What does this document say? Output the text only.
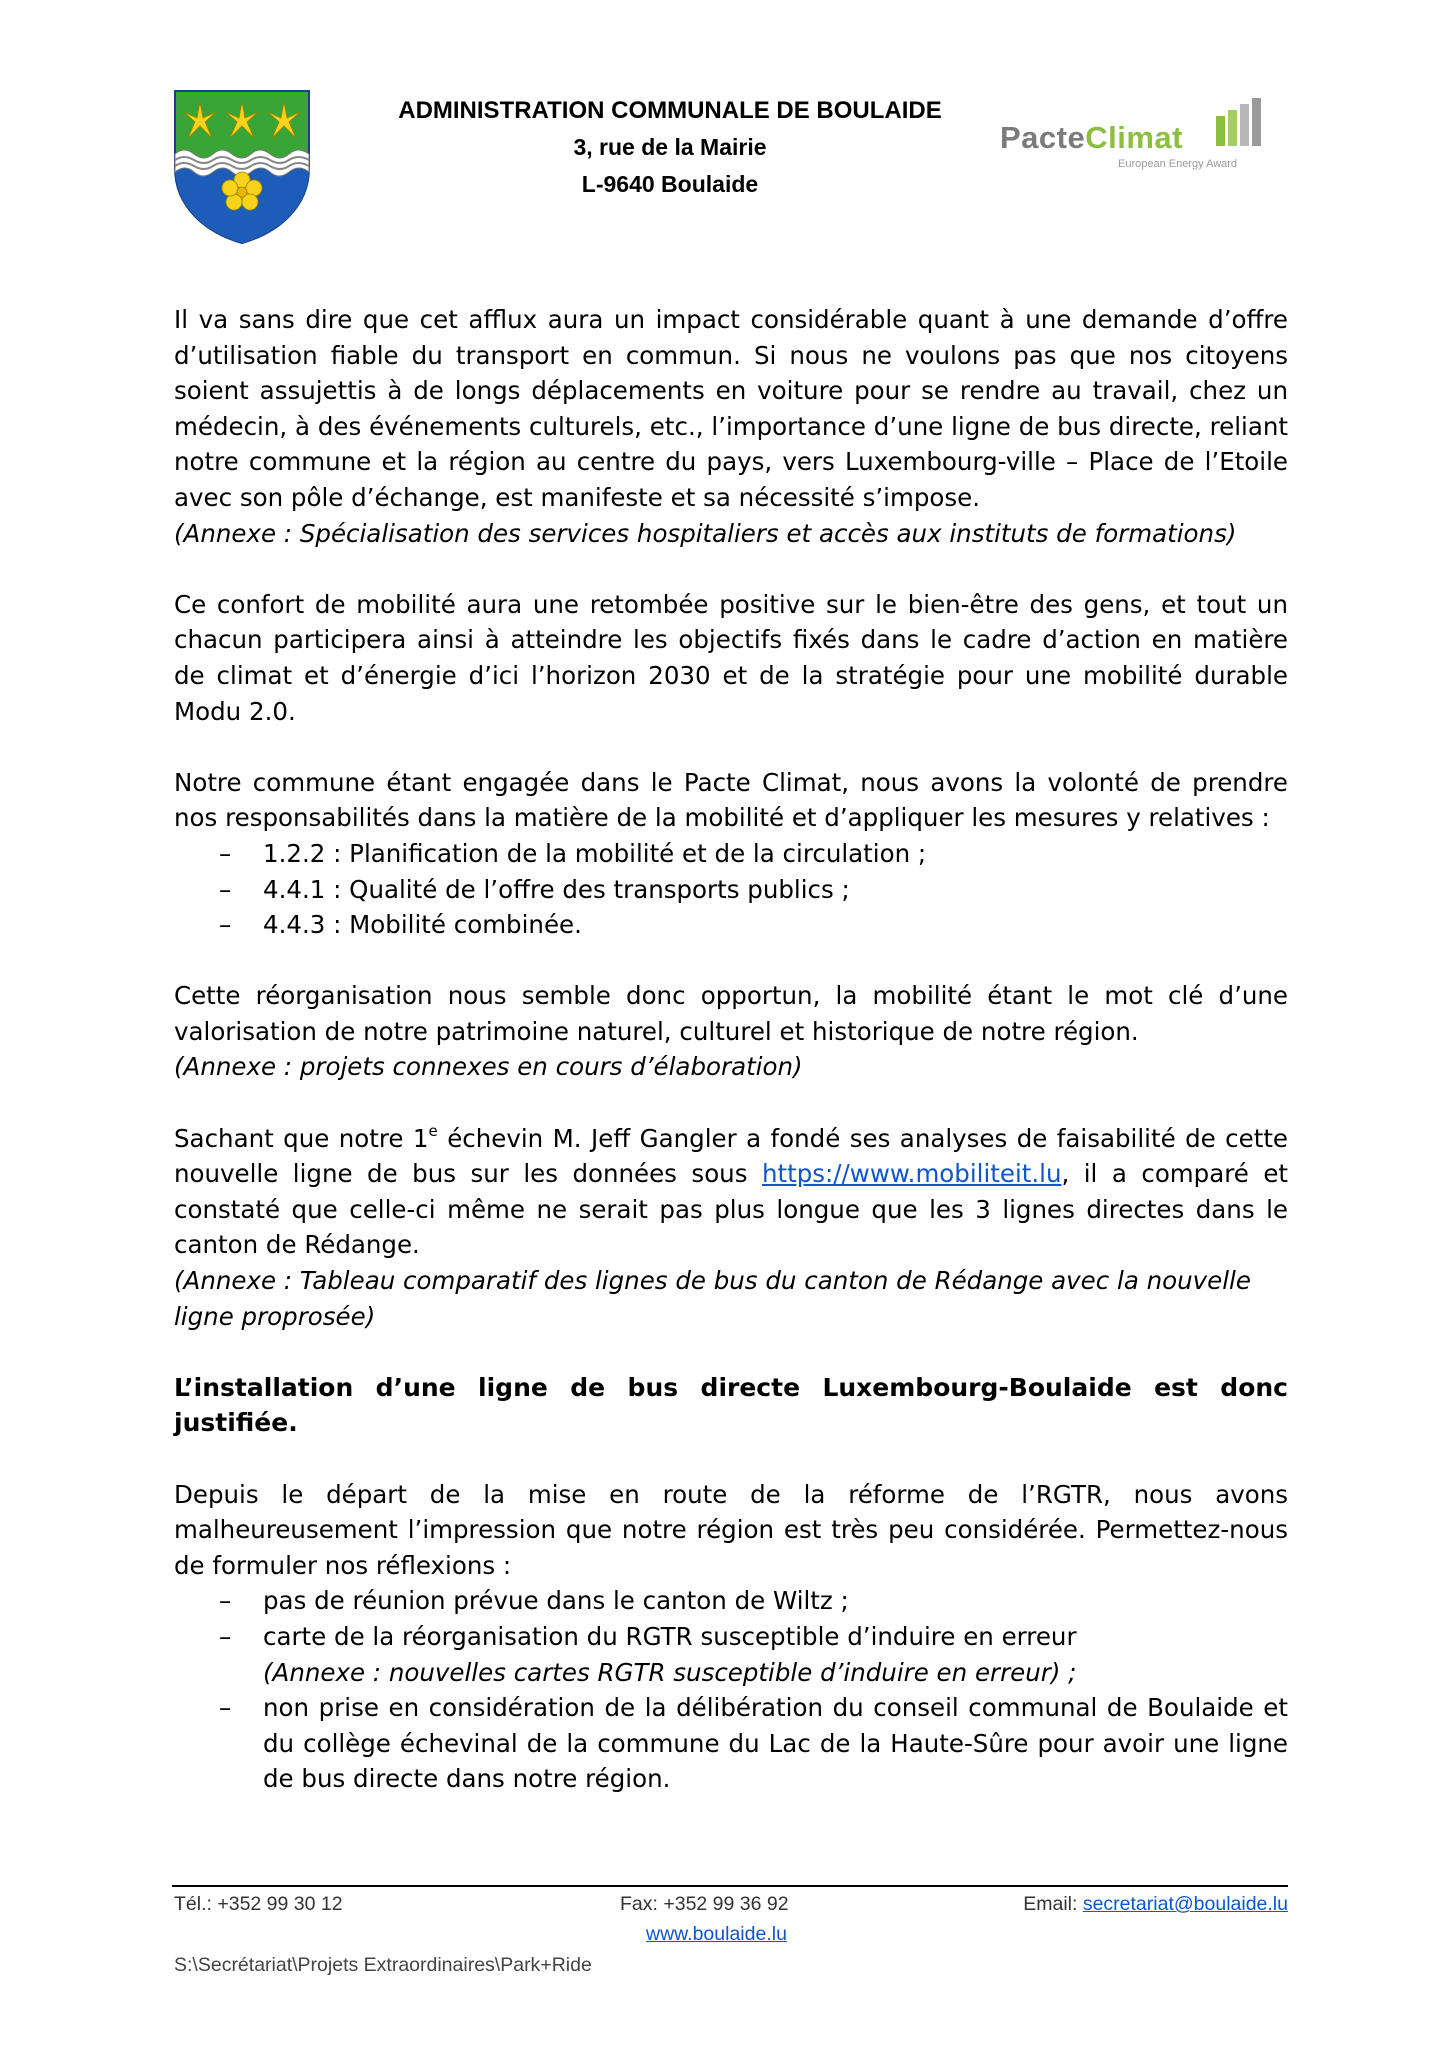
ADMINISTRATION COMMUNALE DE BOULAIDE
3, rue de la Mairie
L-9640 Boulaide
PacteClimat
European Energy Award

Il va sans dire que cet afflux aura un impact considérable quant à une demande d’offre d’utilisation fiable du transport en commun. Si nous ne voulons pas que nos citoyens soient assujettis à de longs déplacements en voiture pour se rendre au travail, chez un médecin, à des événements culturels, etc., l’importance d’une ligne de bus directe, reliant notre commune et la région au centre du pays, vers Luxembourg-ville – Place de l’Etoile avec son pôle d’échange, est manifeste et sa nécessité s’impose.

(Annexe : Spécialisation des services hospitaliers et accès aux instituts de formations)

Ce confort de mobilité aura une retombée positive sur le bien-être des gens, et tout un chacun participera ainsi à atteindre les objectifs fixés dans le cadre d’action en matière de climat et d’énergie d’ici l’horizon 2030 et de la stratégie pour une mobilité durable Modu 2.0.

Notre commune étant engagée dans le Pacte Climat, nous avons la volonté de prendre nos responsabilités dans la matière de la mobilité et d’appliquer les mesures y relatives :

– 1.2.2 : Planification de la mobilité et de la circulation ;
– 4.4.1 : Qualité de l’offre des transports publics ;
– 4.4.3 : Mobilité combinée.

Cette réorganisation nous semble donc opportun, la mobilité étant le mot clé d’une valorisation de notre patrimoine naturel, culturel et historique de notre région.

(Annexe : projets connexes en cours d’élaboration)

Sachant que notre 1e échevin M. Jeff Gangler a fondé ses analyses de faisabilité de cette nouvelle ligne de bus sur les données sous https://www.mobiliteit.lu, il a comparé et constaté que celle-ci même ne serait pas plus longue que les 3 lignes directes dans le canton de Rédange.

(Annexe : Tableau comparatif des lignes de bus du canton de Rédange avec la nouvelle ligne proprosée)

L’installation d’une ligne de bus directe Luxembourg-Boulaide est donc justifiée.

Depuis le départ de la mise en route de la réforme de l’RGTR, nous avons malheureusement l’impression que notre région est très peu considérée. Permettez-nous de formuler nos réflexions :

– pas de réunion prévue dans le canton de Wiltz ;
– carte de la réorganisation du RGTR susceptible d’induire en erreur
(Annexe : nouvelles cartes RGTR susceptible d’induire en erreur) ;
– non prise en considération de la délibération du conseil communal de Boulaide et du collège échevinal de la commune du Lac de la Haute-Sûre pour avoir une ligne de bus directe dans notre région.
Tél.: +352 99 30 12	Fax: +352 99 36 92	Email: secretariat@boulaide.lu
www.boulaide.lu
S:\Secrétariat\Projets Extraordinaires\Park+Ride
